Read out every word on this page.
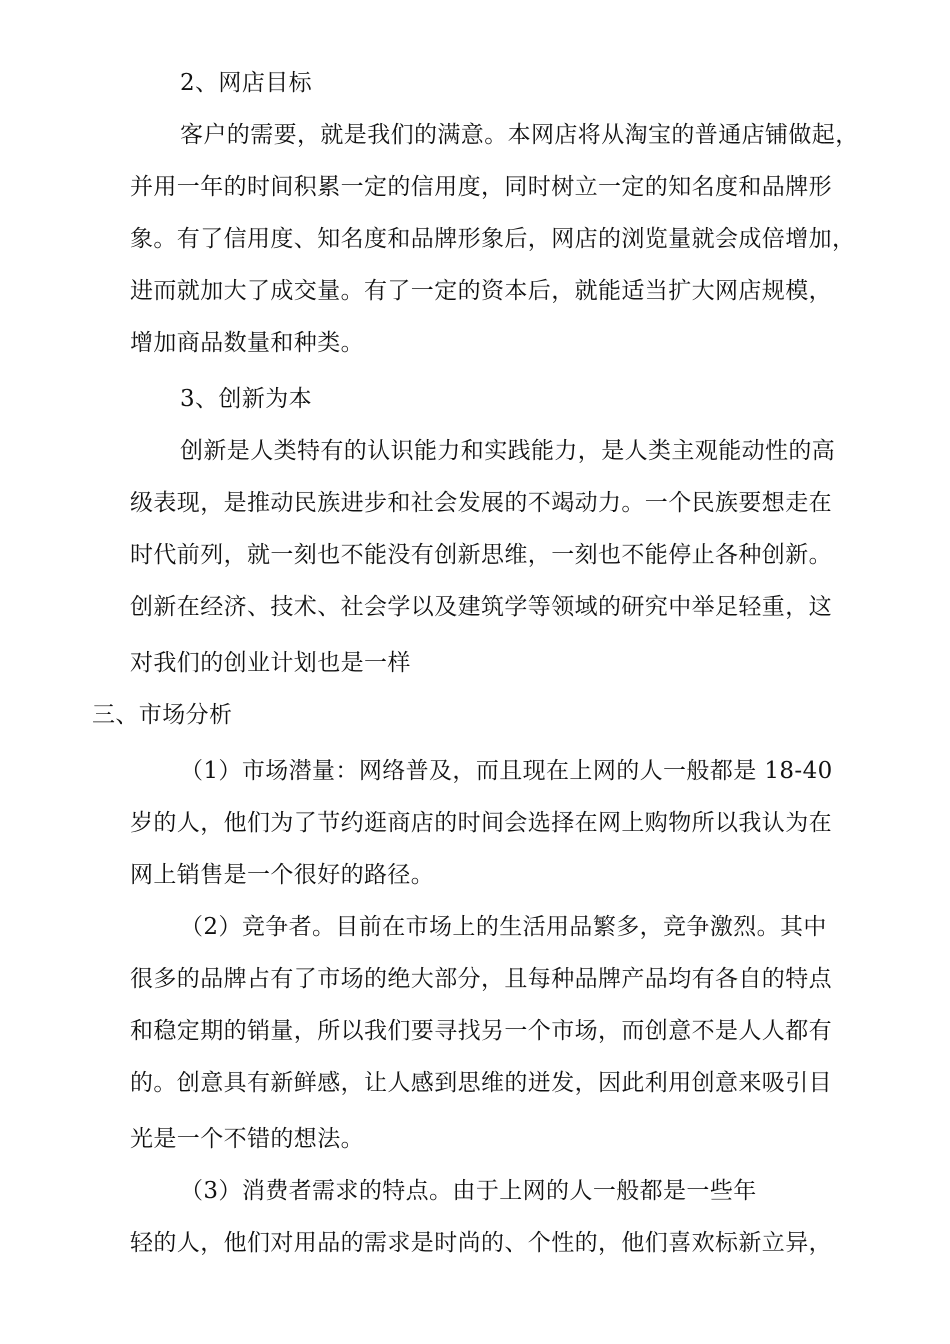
2、网店目标
客户的需要，就是我们的满意。本网店将从淘宝的普通店铺做起，
并用一年的时间积累一定的信用度，同时树立一定的知名度和品牌形
象。有了信用度、知名度和品牌形象后，网店的浏览量就会成倍增加，
进而就加大了成交量。有了一定的资本后，就能适当扩大网店规模，
增加商品数量和种类。
3、创新为本
创新是人类特有的认识能力和实践能力，是人类主观能动性的高
级表现，是推动民族进步和社会发展的不竭动力。一个民族要想走在
时代前列，就一刻也不能没有创新思维，一刻也不能停止各种创新。
创新在经济、技术、社会学以及建筑学等领域的研究中举足轻重，这
对我们的创业计划也是一样
三、市场分析
（1）市场潜量：网络普及，而且现在上网的人一般都是 18-40
岁的人，他们为了节约逛商店的时间会选择在网上购物所以我认为在
网上销售是一个很好的路径。
（2）竞争者。目前在市场上的生活用品繁多，竞争激烈。其中
很多的品牌占有了市场的绝大部分，且每种品牌产品均有各自的特点
和稳定期的销量，所以我们要寻找另一个市场，而创意不是人人都有
的。创意具有新鲜感，让人感到思维的迸发，因此利用创意来吸引目
光是一个不错的想法。
（3）消费者需求的特点。由于上网的人一般都是一些年
轻的人，他们对用品的需求是时尚的、个性的，他们喜欢标新立异，
